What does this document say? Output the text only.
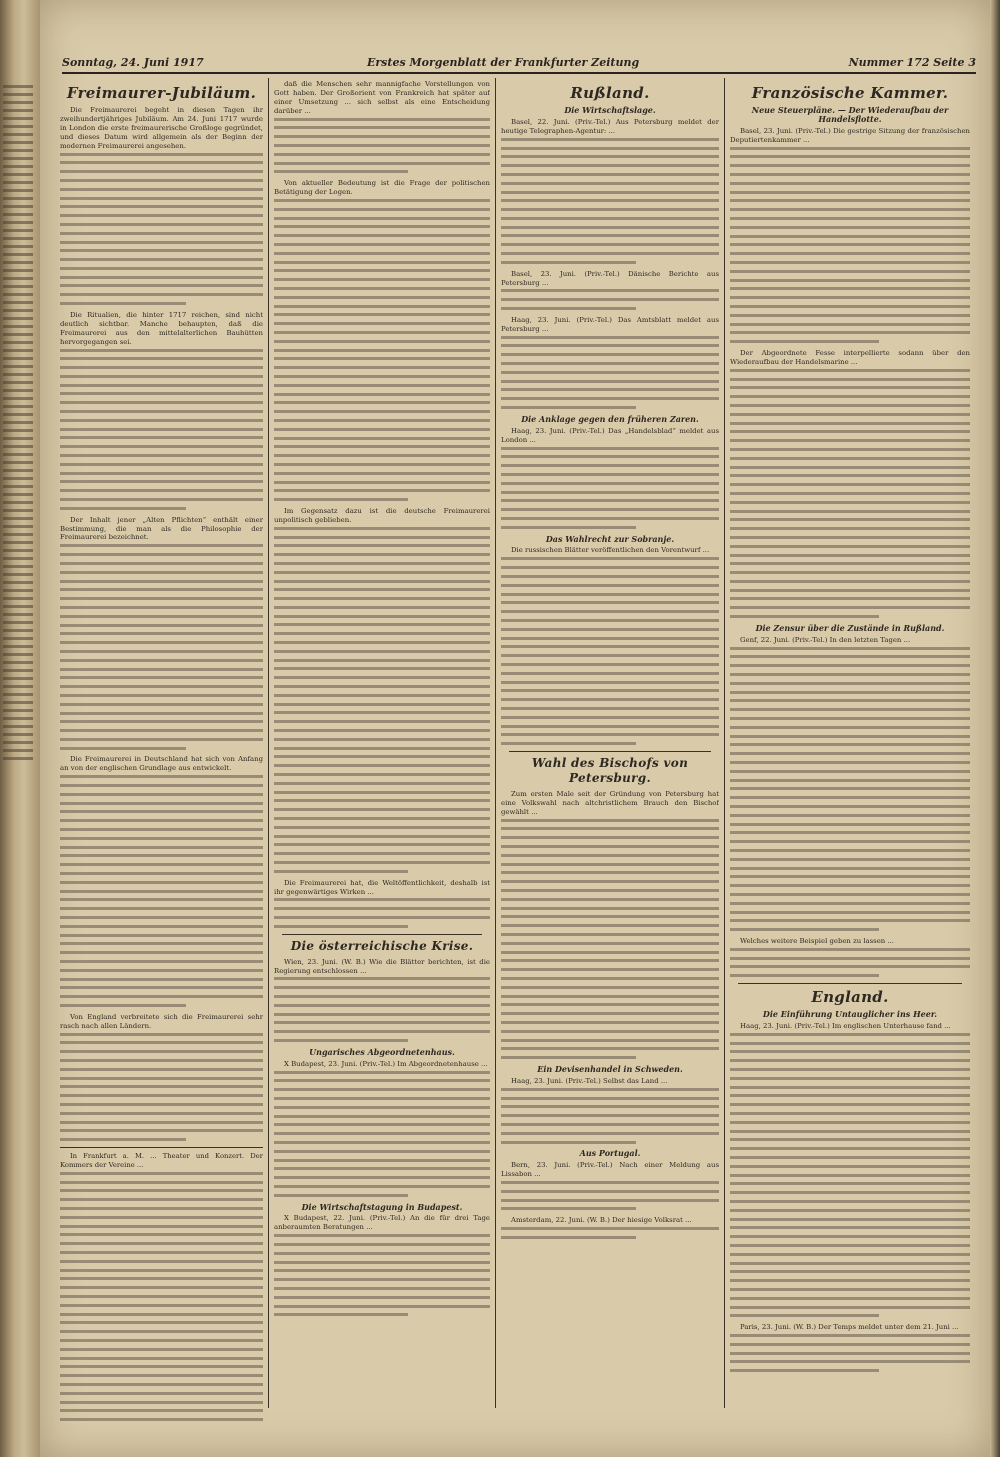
Sonntag, 24. Juni 1917	Erstes Morgenblatt der Frankfurter Zeitung	Nummer 172 Seite 3
Freimaurer-Jubiläum.
Die Freimaurerei begeht in diesen Tagen ihr zweihundertjähriges Jubiläum. Am 24. Juni 1717 wurde in London die erste freimaurerische Großloge gegründet, und dieses Datum wird allgemein als der Beginn der modernen Freimaurerei angesehen.
Die Ritualien, die hinter 1717 reichen, sind nicht deutlich sichtbar. Manche behaupten, daß die Freimaurerei aus den mittelalterlichen Bauhütten hervorgegangen sei.
Der Inhalt jener „Alten Pflichten“ enthält einer Bestimmung, die man als die Philosophie der Freimaurerei bezeichnet.
Die Freimaurerei in Deutschland hat sich von Anfang an von der englischen Grundlage aus entwickelt.
Von England verbreitete sich die Freimaurerei sehr rasch nach allen Ländern.
In Frankfurt a. M. ... Theater und Konzert. Der Kommers der Vereine ...
daß die Menschen sehr mannigfache Vorstellungen von Gott haben. Der Großorient von Frankreich hat später auf einer Umsetzung ... sich selbst als eine Entscheidung darüber ...
Von aktueller Bedeutung ist die Frage der politischen Betätigung der Logen.
Im Gegensatz dazu ist die deutsche Freimaurerei unpolitisch geblieben.
Die Freimaurerei hat, die Weltöffentlichkeit, deshalb ist ihr gegenwärtiges Wirken ...
Die österreichische Krise.
Wien, 23. Juni. (W. B.) Wie die Blätter berichten, ist die Regierung entschlossen ...
Ungarisches Abgeordnetenhaus.
X Budapest, 23. Juni. (Priv.-Tel.) Im Abgeordnetenhause ...
Die Wirtschaftstagung in Budapest.
X Budapest, 22. Juni. (Priv.-Tel.) An die für drei Tage anberaumten Beratungen ...
Rußland.
Die Wirtschaftslage.
Basel, 22. Juni. (Priv.-Tel.) Aus Petersburg meldet der heutige Telegraphen-Agentur: ...
Basel, 23. Juni. (Priv.-Tel.) Dänische Berichte aus Petersburg ...
Haag, 23. Juni. (Priv.-Tel.) Das Amtsblatt meldet aus Petersburg ...
Die Anklage gegen den früheren Zaren.
Haag, 23. Juni. (Priv.-Tel.) Das „Handelsblad“ meldet aus London ...
Das Wahlrecht zur Sobranje.
Die russischen Blätter veröffentlichen den Vorentwurf ...
Wahl des Bischofs von Petersburg.
Zum ersten Male seit der Gründung von Petersburg hat eine Volkswahl nach altchristlichem Brauch den Bischof gewählt ...
Ein Devisenhandel in Schweden.
Haag, 23. Juni. (Priv.-Tel.) Selbst das Land ...
Aus Portugal.
Bern, 23. Juni. (Priv.-Tel.) Nach einer Meldung aus Lissabon ...
Amsterdam, 22. Juni. (W. B.) Der hiesige Volksrat ...
Französische Kammer.
Neue Steuerpläne. — Der Wiederaufbau der Handelsflotte.
Basel, 23. Juni. (Priv.-Tel.) Die gestrige Sitzung der französischen Deputiertenkammer ...
Der Abgeordnete Fesse interpellierte sodann über den Wiederaufbau der Handelsmarine ...
Die Zensur über die Zustände in Rußland.
Genf, 22. Juni. (Priv.-Tel.) In den letzten Tagen ...
Welches weitere Beispiel geben zu lassen ...
England.
Die Einführung Untauglicher ins Heer.
Haag, 23. Juni. (Priv.-Tel.) Im englischen Unterhause fand ...
Paris, 23. Juni. (W. B.) Der Temps meldet unter dem 21. Juni ...
